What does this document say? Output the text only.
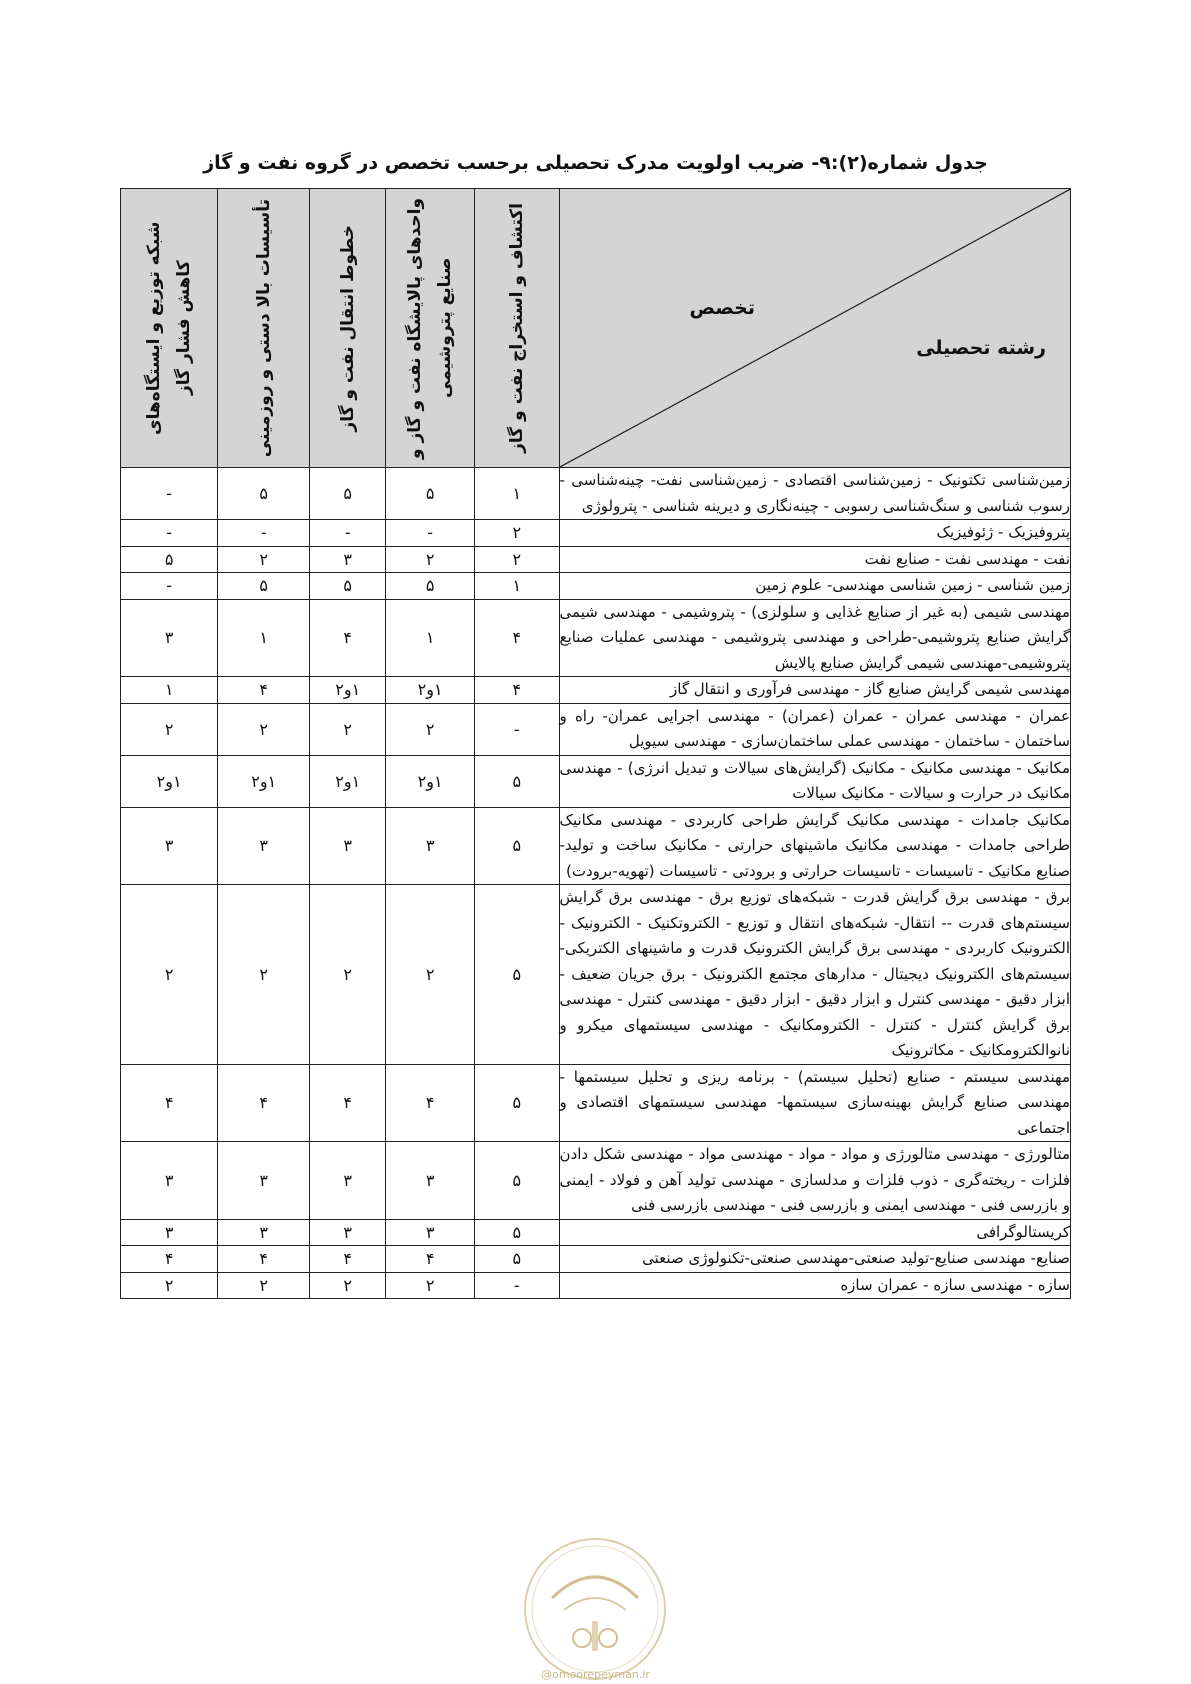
جدول شماره(۲):۹- ضریب اولویت مدرک تحصیلی برحسب تخصص در گروه نفت و گاز
تخصص
رشته تحصیلی	اکتشاف و استخراج نفت و گاز	واحدهای پالایشگاه نفت و گاز و صنایع پتروشیمی	خطوط انتقال نفت و گاز	تأسیسات بالا دستی و روزمینی	شبکه توزیع و ایستگاه‌های کاهش فشار گاز

زمین‌شناسی تکتونیک - زمین‌شناسی اقتصادی - زمین‌شناسی نفت- چینه‌شناسی - رسوب شناسی و سنگ‌شناسی رسوبی - چینه‌نگاری و دیرینه شناسی - پترولوژی	۱	۵	۵	۵	-
پتروفیزیک - ژئوفیزیک	۲	-	-	-	-
نفت - مهندسی نفت - صنایع نفت	۲	۲	۳	۲	۵
زمین شناسی - زمین شناسی مهندسی- علوم زمین	۱	۵	۵	۵	-
مهندسی شیمی (به غیر از صنایع غذایی و سلولزی) - پتروشیمی - مهندسی شیمی گرایش صنایع پتروشیمی-طراحی و مهندسی پتروشیمی - مهندسی عملیات صنایع پتروشیمی-مهندسی شیمی گرایش صنایع پالایش	۴	۱	۴	۱	۳
مهندسی شیمی گرایش صنایع گاز - مهندسی فرآوری و انتقال گاز	۴	۱و۲	۱و۲	۴	۱
عمران - مهندسی عمران - عمران (عمران) - مهندسی اجرایی عمران- راه و ساختمان - ساختمان - مهندسی عملی ساختمان‌سازی - مهندسی سیویل	-	۲	۲	۲	۲
مکانیک - مهندسی مکانیک - مکانیک (گرایش‌های سیالات و تبدیل انرژی) - مهندسی مکانیک در حرارت و سیالات - مکانیک سیالات	۵	۱و۲	۱و۲	۱و۲	۱و۲
مکانیک جامدات - مهندسی مکانیک گرایش طراحی کاربردی - مهندسی مکانیک طراحی جامدات - مهندسی مکانیک ماشینهای حرارتی - مکانیک ساخت و تولید-صنایع مکانیک - تاسیسات - تاسیسات حرارتی و برودتی - تاسیسات (تهویه-برودت)	۵	۳	۳	۳	۳
برق - مهندسی برق گرایش قدرت - شبکه‌های توزیع برق - مهندسی برق گرایش سیستم‌های قدرت -- انتقال- شبکه‌های انتقال و توزیع - الکتروتکنیک - الکترونیک - الکترونیک کاربردی - مهندسی برق گرایش الکترونیک قدرت و ماشینهای الکتریکی-سیستم‌های الکترونیک دیجیتال - مدارهای مجتمع الکترونیک - برق جریان ضعیف - ابزار دقیق - مهندسی کنترل و ابزار دقیق - ابزار دقیق - مهندسی کنترل - مهندسی برق گرایش کنترل - کنترل - الکترومکانیک - مهندسی سیستمهای میکرو و نانوالکترومکانیک - مکاترونیک	۵	۲	۲	۲	۲
مهندسی سیستم - صنایع (تحلیل سیستم) - برنامه ریزی و تحلیل سیستمها - مهندسی صنایع گرایش بهینه‌سازی سیستمها- مهندسی سیستمهای اقتصادی و اجتماعی	۵	۴	۴	۴	۴
متالورژی - مهندسی متالورژی و مواد - مواد - مهندسی مواد - مهندسی شکل دادن فلزات - ریخته‌گری - ذوب فلزات و مدلسازی - مهندسی تولید آهن و فولاد - ایمنی و بازرسی فنی - مهندسی ایمنی و بازرسی فنی - مهندسی بازرسی فنی	۵	۳	۳	۳	۳
کریستالوگرافی	۵	۳	۳	۳	۳
صنایع- مهندسی صنایع-تولید صنعتی-مهندسی صنعتی-تکنولوژی صنعتی	۵	۴	۴	۴	۴
سازه - مهندسی سازه - عمران سازه	-	۲	۲	۲	۲
@omoorepeyman.ir
